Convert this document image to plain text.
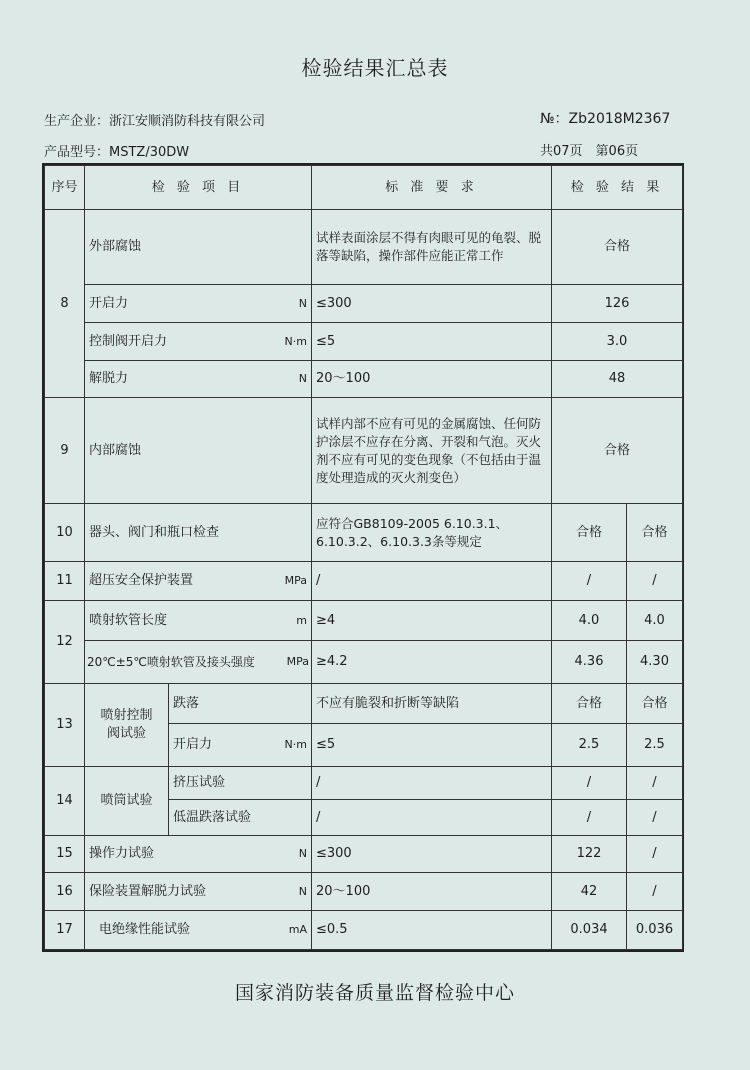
检验结果汇总表
生产企业：浙江安顺消防科技有限公司	№：Zb2018M2367
产品型号：MSTZ/30DW	共07页　第06页
序号	检 验 项 目		标 准 要 求	检 验 结 果	
8	外部腐蚀		试样表面涂层不得有肉眼可见的龟裂、脱落等缺陷，操作部件应能正常工作	合格	

	开启力 N		≤300	126	

	控制阀开启力 N·m		≤5	3.0	

	解脱力 N		20～100	48	
9	内部腐蚀		试样内部不应有可见的金属腐蚀、任何防护涂层不应存在分离、开裂和气泡。灭火剂不应有可见的变色现象（不包括由于温度处理造成的灭火剂变色）	合格	
10	器头、阀门和瓶口检查		应符合GB8109-2005 6.10.3.1、6.10.3.2、6.10.3.3条等规定	合格	合格
11	超压安全保护装置 MPa		/	/	/
12	喷射软管长度 m		≥4	4.0	4.0

	20℃±5℃喷射软管及接头强度 MPa		≥4.2	4.36	4.30
13	喷射控制阀试验	跌落	不应有脆裂和折断等缺陷	合格	合格

		开启力 N·m	≤5	2.5	2.5
14	喷筒试验	挤压试验	/	/	/
		低温跌落试验	/	/	/
15	操作力试验 N		≤300	122	/
16	保险装置解脱力试验 N		20～100	42	/
17	电绝缘性能试验 mA		≤0.5	0.034	0.036
国家消防装备质量监督检验中心
